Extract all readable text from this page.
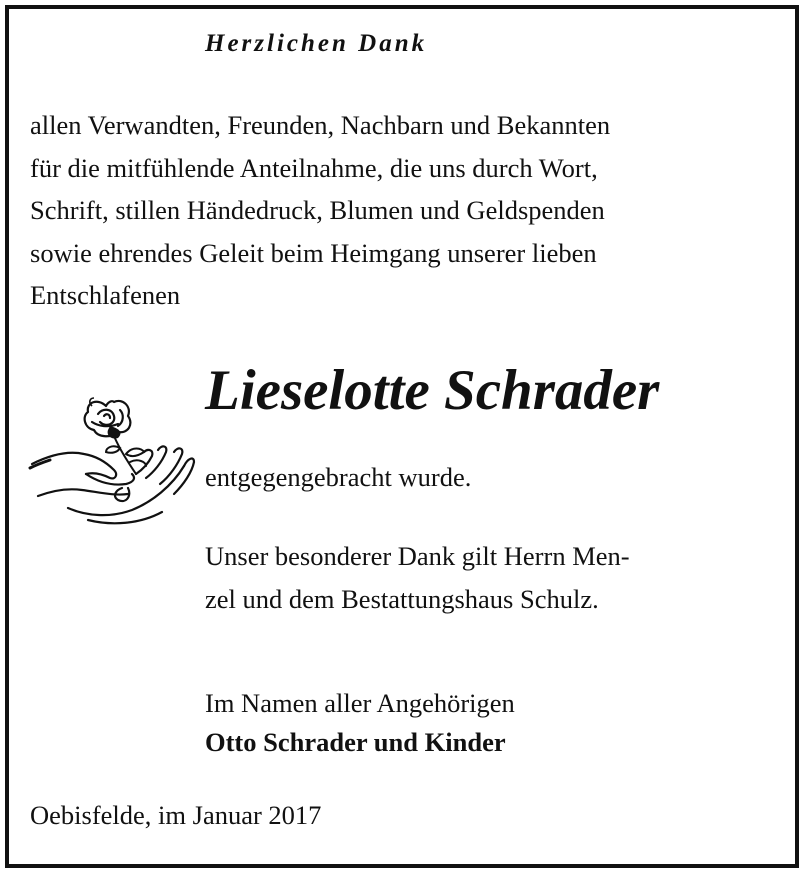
Herzlichen Dank

allen Verwandten, Freunden, Nachbarn und Bekannten
für die mitfühlende Anteilnahme, die uns durch Wort,
Schrift, stillen Händedruck, Blumen und Geldspenden
sowie ehrendes Geleit beim Heimgang unserer lieben
Entschlafenen

Lieselotte Schrader
entgegengebracht wurde.
Unser besonderer Dank gilt Herrn Men-
zel und dem Bestattungshaus Schulz.
Im Namen aller Angehörigen
Otto Schrader und Kinder
Oebisfelde, im Januar 2017
